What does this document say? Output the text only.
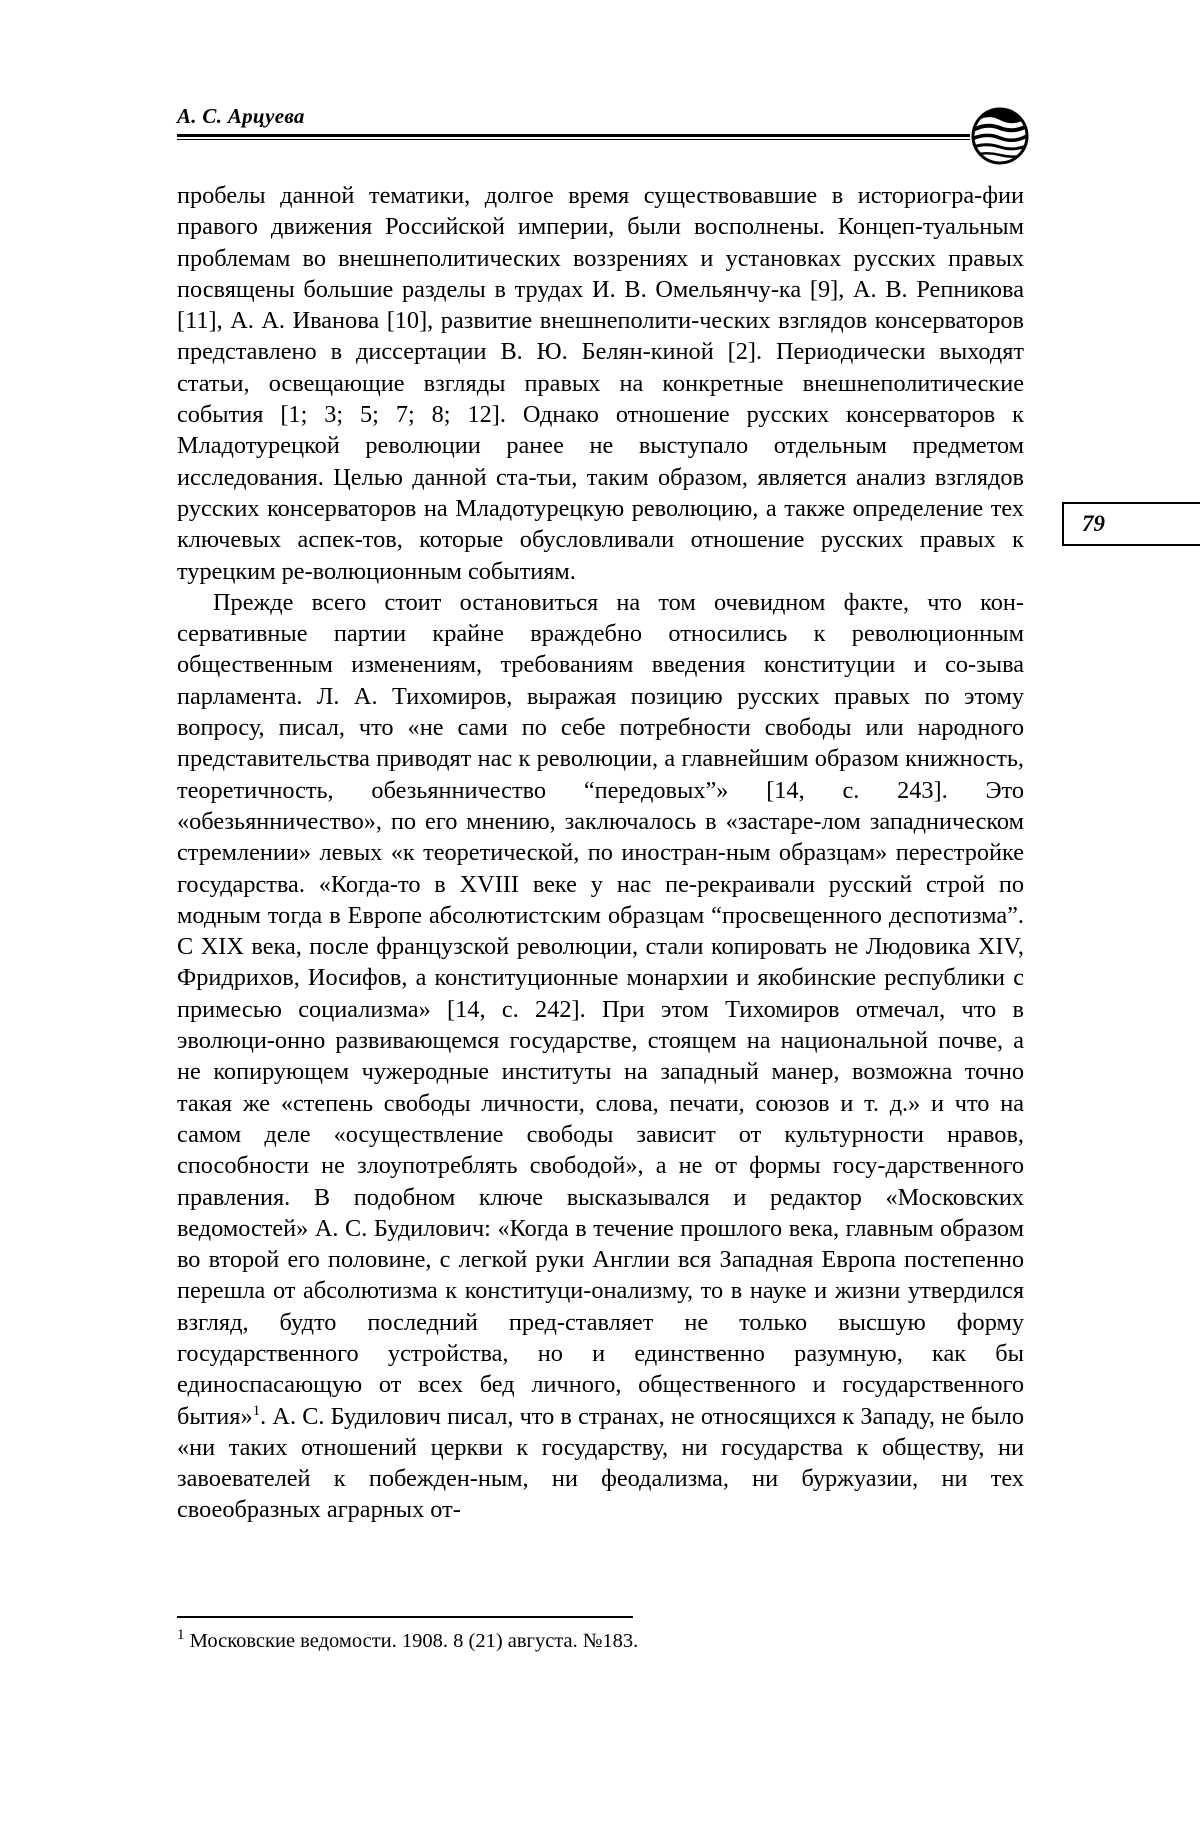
А. С. Арцуева
79

пробелы данной тематики, долгое время существовавшие в историогра-фии правого движения Российской империи, были восполнены. Концеп-туальным проблемам во внешнеполитических воззрениях и установках русских правых посвящены большие разделы в трудах И. В. Омельянчу-ка [9], А. В. Репникова [11], А. А. Иванова [10], развитие внешнеполити-ческих взглядов консерваторов представлено в диссертации В. Ю. Белян-киной [2]. Периодически выходят статьи, освещающие взгляды правых на конкретные внешнеполитические события [1; 3; 5; 7; 8; 12]. Однако отношение русских консерваторов к Младотурецкой революции ранее не выступало отдельным предметом исследования. Целью данной ста-тьи, таким образом, является анализ взглядов русских консерваторов на Младотурецкую революцию, а также определение тех ключевых аспек-тов, которые обусловливали отношение русских правых к турецким ре-волюционным событиям.

Прежде всего стоит остановиться на том очевидном факте, что кон-сервативные партии крайне враждебно относились к революционным общественным изменениям, требованиям введения конституции и со-зыва парламента. Л. А. Тихомиров, выражая позицию русских правых по этому вопросу, писал, что «не сами по себе потребности свободы или народного представительства приводят нас к революции, а главнейшим образом книжность, теоретичность, обезьянничество “передовых”» [14, с. 243]. Это «обезьянничество», по его мнению, заключалось в «застаре-лом западническом стремлении» левых «к теоретической, по иностран-ным образцам» перестройке государства. «Когда-то в XVIII веке у нас пе-рекраивали русский строй по модным тогда в Европе абсолютистским образцам “просвещенного деспотизма”. С XIX века, после французской революции, стали копировать не Людовика XIV, Фридрихов, Иосифов, а конституционные монархии и якобинские республики с примесью социализма» [14, с. 242]. При этом Тихомиров отмечал, что в эволюци-онно развивающемся государстве, стоящем на национальной почве, а не копирующем чужеродные институты на западный манер, возможна точно такая же «степень свободы личности, слова, печати, союзов и т. д.» и что на самом деле «осуществление свободы зависит от культурности нравов, способности не злоупотреблять свободой», а не от формы госу-дарственного правления. В подобном ключе высказывался и редактор «Московских ведомостей» А. С. Будилович: «Когда в течение прошлого века, главным образом во второй его половине, с легкой руки Англии вся Западная Европа постепенно перешла от абсолютизма к конституци-онализму, то в науке и жизни утвердился взгляд, будто последний пред-ставляет не только высшую форму государственного устройства, но и единственно разумную, как бы единоспасающую от всех бед личного, общественного и государственного бытия»$^1$. А. С. Будилович писал, что в странах, не относящихся к Западу, не было «ни таких отношений церкви к государству, ни государства к обществу, ни завоевателей к побежден-ным, ни феодализма, ни буржуазии, ни тех своеобразных аграрных от-

$^1$ Московские ведомости. 1908. 8 (21) августа. №183.
